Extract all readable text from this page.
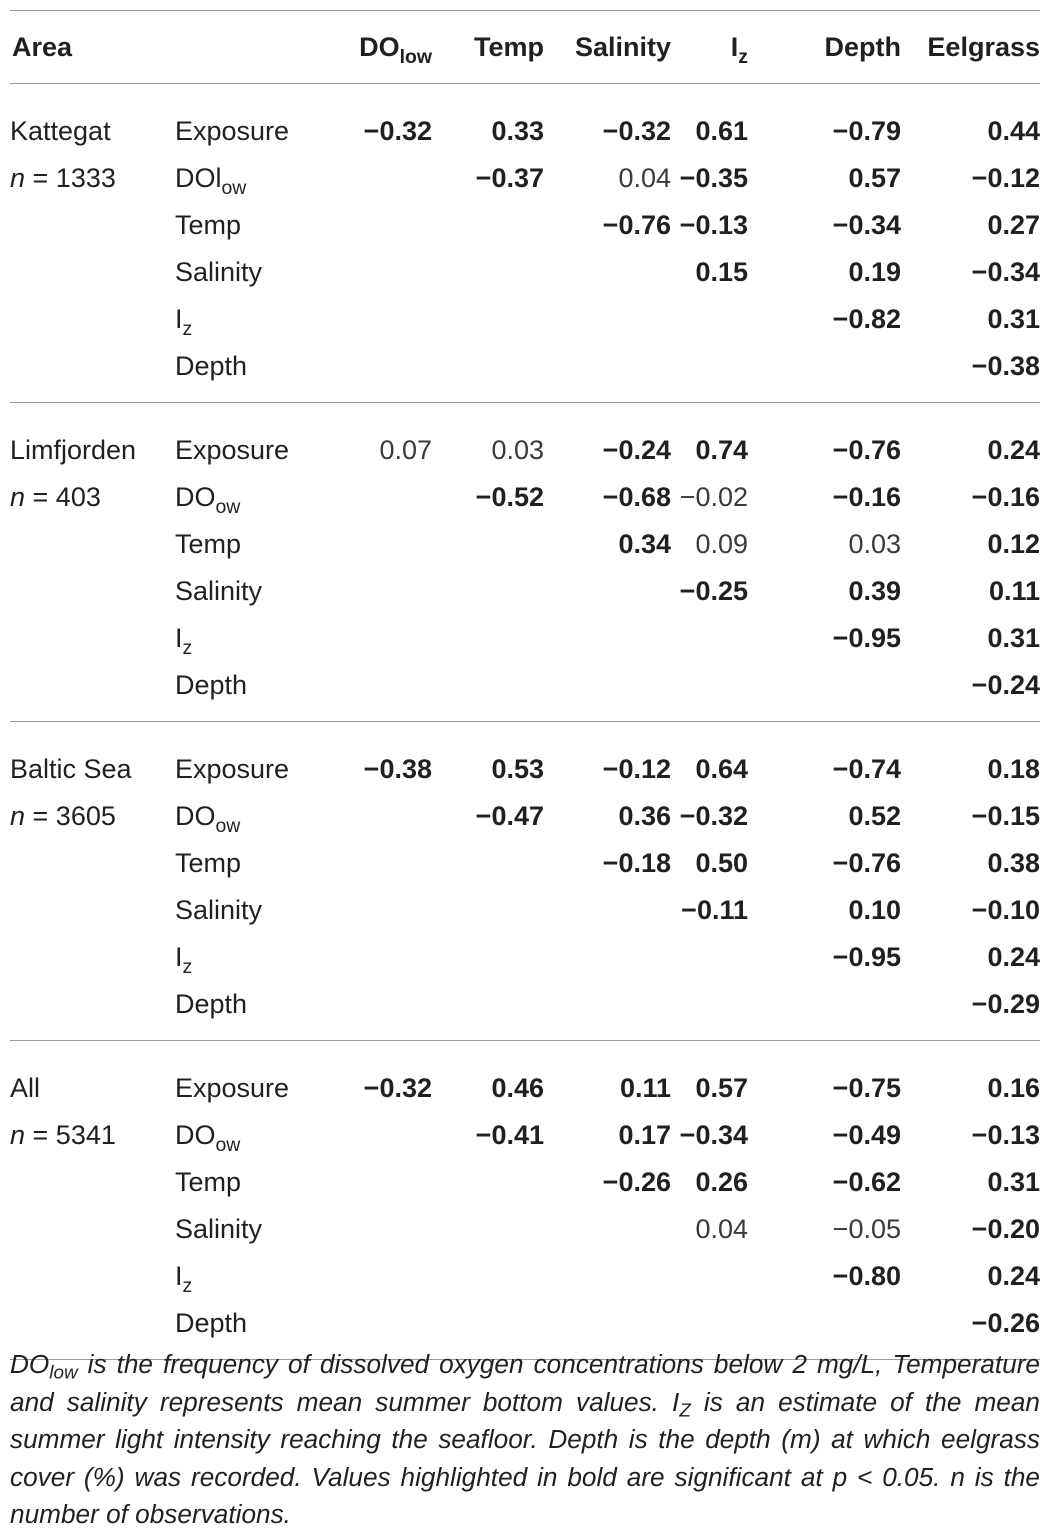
Area		$DO_{low}$	Temp	Salinity	$I_z$	Depth	Eelgrass
Kattegat	Exposure	−0.32	0.33	−0.32	0.61	−0.79	0.44
n = 1333	DOl$_{ow}$		−0.37	0.04	−0.35	0.57	−0.12
	Temp			−0.76	−0.13	−0.34	0.27
	Salinity				0.15	0.19	−0.34
	$I_z$					−0.82	0.31
	Depth						−0.38
Limfjorden	Exposure	0.07	0.03	−0.24	0.74	−0.76	0.24
n = 403	$DO_{ow}$		−0.52	−0.68	−0.02	−0.16	−0.16
	Temp			0.34	0.09	0.03	0.12
	Salinity				−0.25	0.39	0.11
	$I_z$					−0.95	0.31
	Depth						−0.24
Baltic Sea	Exposure	−0.38	0.53	−0.12	0.64	−0.74	0.18
n = 3605	$DO_{ow}$		−0.47	0.36	−0.32	0.52	−0.15
	Temp			−0.18	0.50	−0.76	0.38
	Salinity				−0.11	0.10	−0.10
	$I_z$					−0.95	0.24
	Depth						−0.29
All	Exposure	−0.32	0.46	0.11	0.57	−0.75	0.16
n = 5341	$DO_{ow}$		−0.41	0.17	−0.34	−0.49	−0.13
	Temp			−0.26	0.26	−0.62	0.31
	Salinity				0.04	−0.05	−0.20
	$I_z$					−0.80	0.24
	Depth						−0.26

$DO_{low}$ is the frequency of dissolved oxygen concentrations below 2 mg/L, Temperature and salinity represents mean summer bottom values. $I_Z$ is an estimate of the mean summer light intensity reaching the seafloor. Depth is the depth (m) at which eelgrass cover (%) was recorded. Values highlighted in bold are significant at p < 0.05. n is the number of observations.
